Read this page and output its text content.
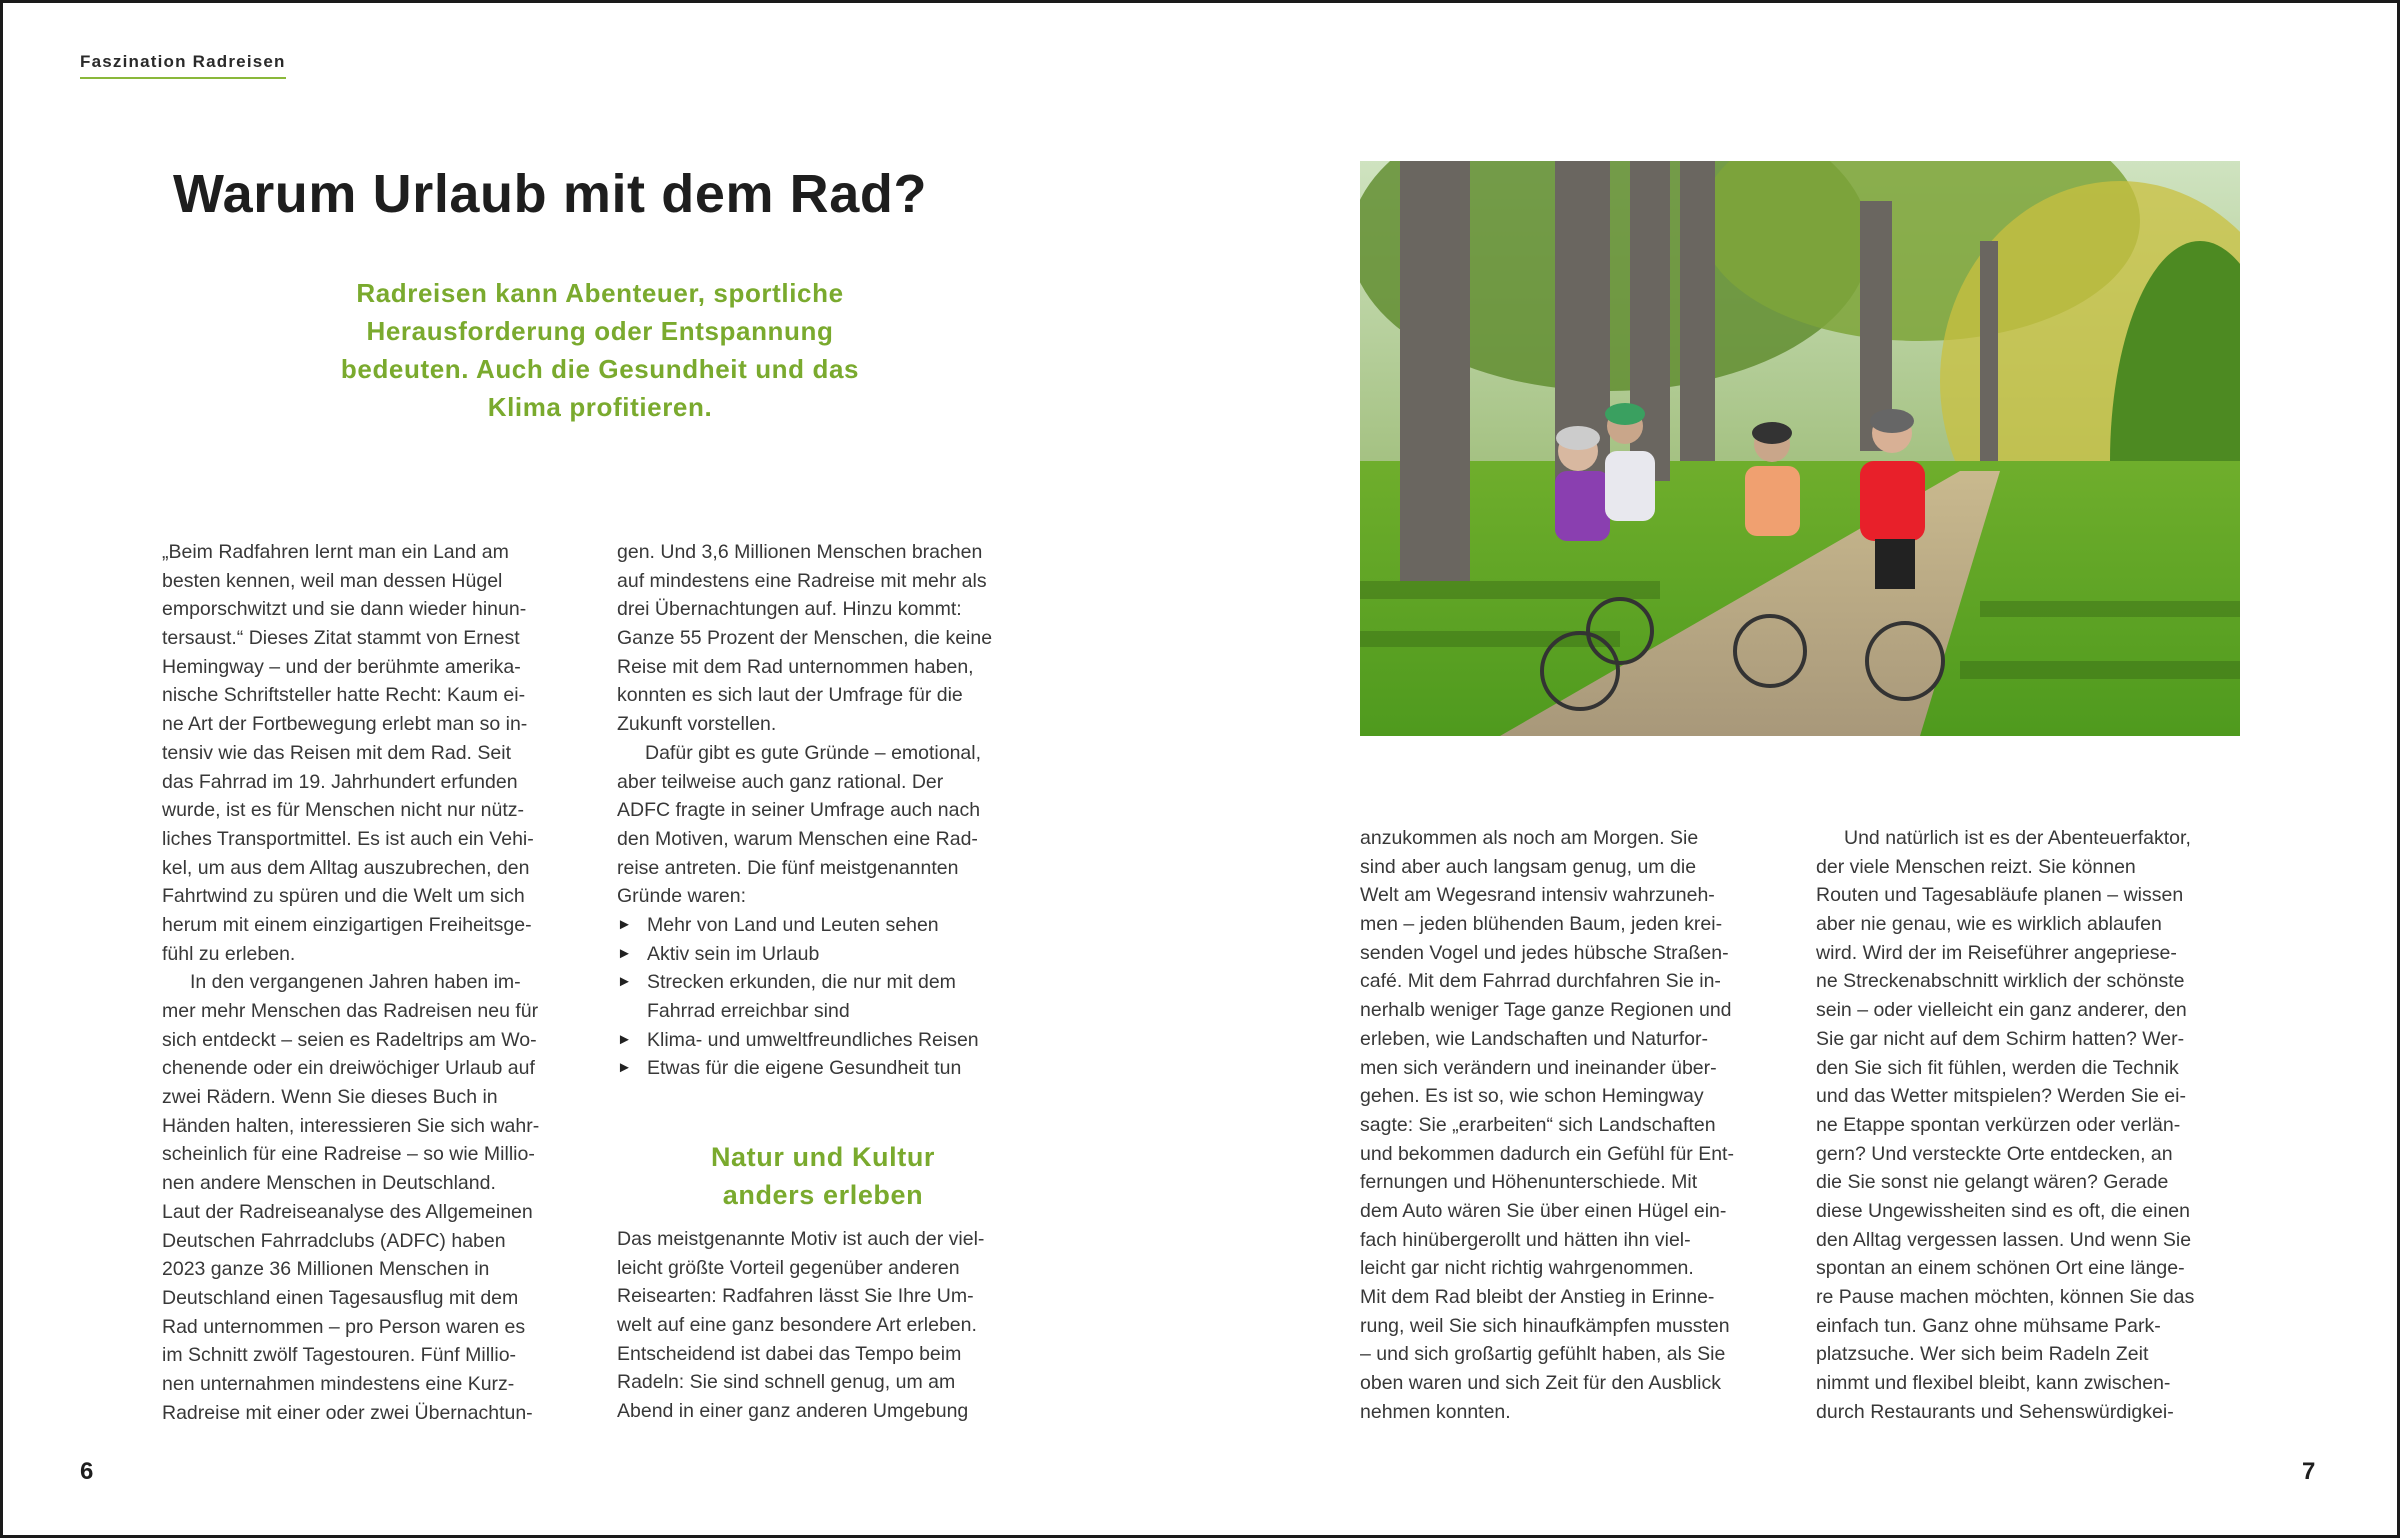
Faszination Radreisen
Warum Urlaub mit dem Rad?
Radreisen kann Abenteuer, sportliche
Herausforderung oder Entspannung
bedeuten. Auch die Gesundheit und das
Klima profitieren.
„Beim Radfahren lernt man ein Land am
besten kennen, weil man dessen Hügel
emporschwitzt und sie dann wieder hinun-
tersaust.“ Dieses Zitat stammt von Ernest
Hemingway – und der berühmte amerika-
nische Schriftsteller hatte Recht: Kaum ei-
ne Art der Fortbewegung erlebt man so in-
tensiv wie das Reisen mit dem Rad. Seit
das Fahrrad im 19. Jahrhundert erfunden
wurde, ist es für Menschen nicht nur nütz-
liches Transportmittel. Es ist auch ein Vehi-
kel, um aus dem Alltag auszubrechen, den
Fahrtwind zu spüren und die Welt um sich
herum mit einem einzigartigen Freiheitsge-
fühl zu erleben.
In den vergangenen Jahren haben im-
mer mehr Menschen das Radreisen neu für
sich entdeckt – seien es Radeltrips am Wo-
chenende oder ein dreiwöchiger Urlaub auf
zwei Rädern. Wenn Sie dieses Buch in
Händen halten, interessieren Sie sich wahr-
scheinlich für eine Radreise – so wie Millio-
nen andere Menschen in Deutschland.
Laut der Radreiseanalyse des Allgemeinen
Deutschen Fahrradclubs (ADFC) haben
2023 ganze 36 Millionen Menschen in
Deutschland einen Tagesausflug mit dem
Rad unternommen – pro Person waren es
im Schnitt zwölf Tagestouren. Fünf Millio-
nen unternahmen mindestens eine Kurz-
Radreise mit einer oder zwei Übernachtun-
gen. Und 3,6 Millionen Menschen brachen
auf mindestens eine Radreise mit mehr als
drei Übernachtungen auf. Hinzu kommt:
Ganze 55 Prozent der Menschen, die keine
Reise mit dem Rad unternommen haben,
konnten es sich laut der Umfrage für die
Zukunft vorstellen.
Dafür gibt es gute Gründe – emotional,
aber teilweise auch ganz rational. Der
ADFC fragte in seiner Umfrage auch nach
den Motiven, warum Menschen eine Rad-
reise antreten. Die fünf meistgenannten
Gründe waren:
► Mehr von Land und Leuten sehen
► Aktiv sein im Urlaub
► Strecken erkunden, die nur mit dem
Fahrrad erreichbar sind
► Klima- und umweltfreundliches Reisen
► Etwas für die eigene Gesundheit tun
Natur und Kultur
anders erleben
Das meistgenannte Motiv ist auch der viel-
leicht größte Vorteil gegenüber anderen
Reisearten: Radfahren lässt Sie Ihre Um-
welt auf eine ganz besondere Art erleben.
Entscheidend ist dabei das Tempo beim
Radeln: Sie sind schnell genug, um am
Abend in einer ganz anderen Umgebung
anzukommen als noch am Morgen. Sie
sind aber auch langsam genug, um die
Welt am Wegesrand intensiv wahrzuneh-
men – jeden blühenden Baum, jeden krei-
senden Vogel und jedes hübsche Straßen-
café. Mit dem Fahrrad durchfahren Sie in-
nerhalb weniger Tage ganze Regionen und
erleben, wie Landschaften und Naturfor-
men sich verändern und ineinander über-
gehen. Es ist so, wie schon Hemingway
sagte: Sie „erarbeiten“ sich Landschaften
und bekommen dadurch ein Gefühl für Ent-
fernungen und Höhenunterschiede. Mit
dem Auto wären Sie über einen Hügel ein-
fach hinübergerollt und hätten ihn viel-
leicht gar nicht richtig wahrgenommen.
Mit dem Rad bleibt der Anstieg in Erinne-
rung, weil Sie sich hinaufkämpfen mussten
– und sich großartig gefühlt haben, als Sie
oben waren und sich Zeit für den Ausblick
nehmen konnten.
Und natürlich ist es der Abenteuerfaktor,
der viele Menschen reizt. Sie können
Routen und Tagesabläufe planen – wissen
aber nie genau, wie es wirklich ablaufen
wird. Wird der im Reiseführer angepriese-
ne Streckenabschnitt wirklich der schönste
sein – oder vielleicht ein ganz anderer, den
Sie gar nicht auf dem Schirm hatten? Wer-
den Sie sich fit fühlen, werden die Technik
und das Wetter mitspielen? Werden Sie ei-
ne Etappe spontan verkürzen oder verlän-
gern? Und versteckte Orte entdecken, an
die Sie sonst nie gelangt wären? Gerade
diese Ungewissheiten sind es oft, die einen
den Alltag vergessen lassen. Und wenn Sie
spontan an einem schönen Ort eine länge-
re Pause machen möchten, können Sie das
einfach tun. Ganz ohne mühsame Park-
platzsuche. Wer sich beim Radeln Zeit
nimmt und flexibel bleibt, kann zwischen-
durch Restaurants und Sehenswürdigkei-
6	7
